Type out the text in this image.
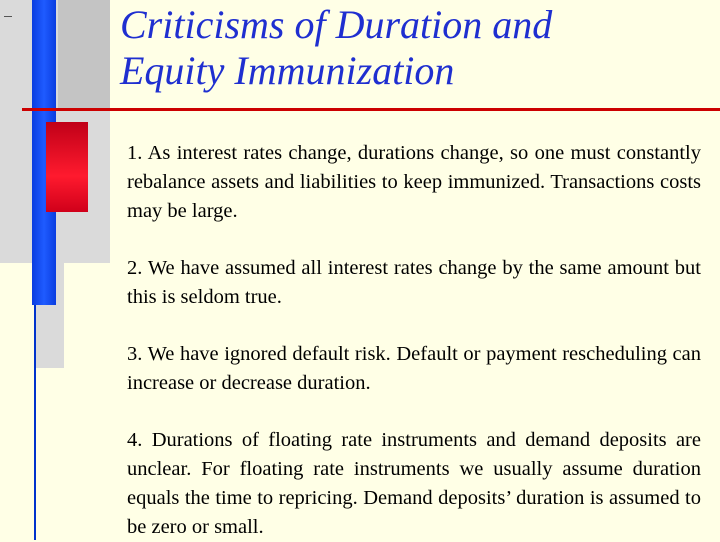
Criticisms of Duration and
Equity Immunization

1. As interest rates change, durations change, so one must constantly rebalance assets and liabilities to keep immunized. Transactions costs may be large.

2. We have assumed all interest rates change by the same amount but this is seldom true.

3. We have ignored default risk. Default or payment rescheduling can increase or decrease duration.

4. Durations of floating rate instruments and demand deposits are unclear. For floating rate instruments we usually assume duration equals the time to repricing. Demand deposits’ duration is assumed to be zero or small.
